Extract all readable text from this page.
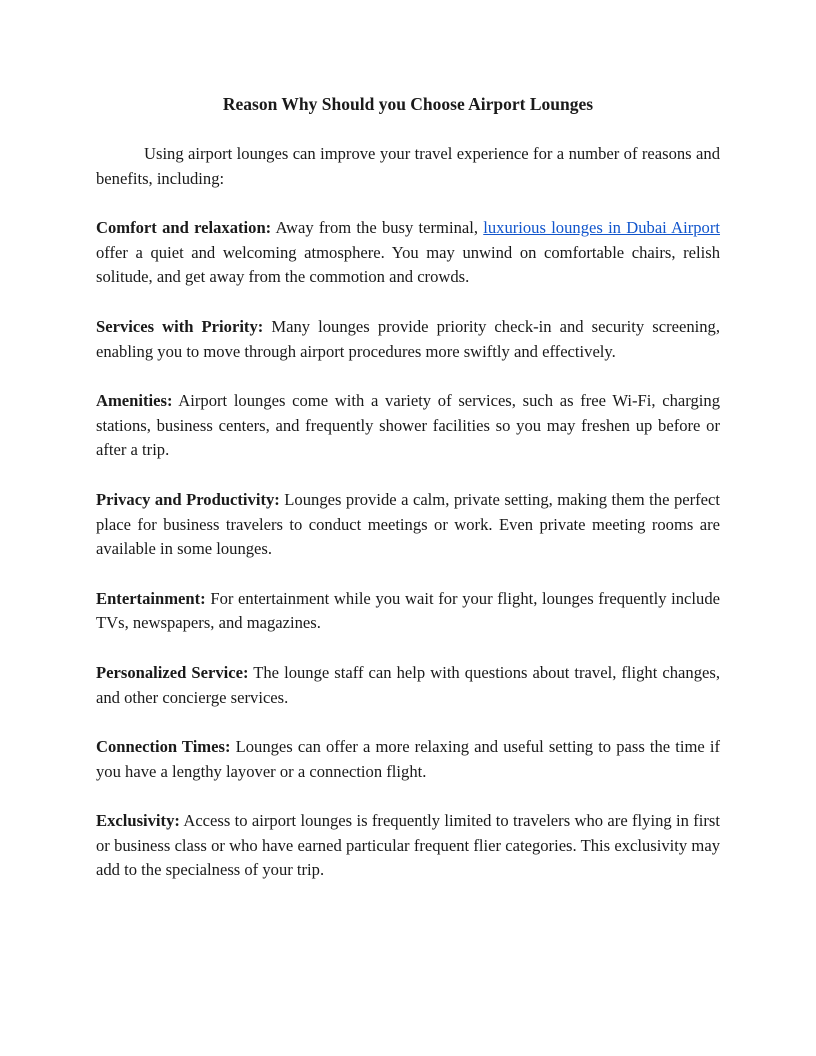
Reason Why Should you Choose Airport Lounges

Using airport lounges can improve your travel experience for a number of reasons and benefits, including:

Comfort and relaxation: Away from the busy terminal, luxurious lounges in Dubai Airport offer a quiet and welcoming atmosphere. You may unwind on comfortable chairs, relish solitude, and get away from the commotion and crowds.

Services with Priority: Many lounges provide priority check-in and security screening, enabling you to move through airport procedures more swiftly and effectively.

Amenities: Airport lounges come with a variety of services, such as free Wi-Fi, charging stations, business centers, and frequently shower facilities so you may freshen up before or after a trip.

Privacy and Productivity: Lounges provide a calm, private setting, making them the perfect place for business travelers to conduct meetings or work. Even private meeting rooms are available in some lounges.

Entertainment: For entertainment while you wait for your flight, lounges frequently include TVs, newspapers, and magazines.

Personalized Service: The lounge staff can help with questions about travel, flight changes, and other concierge services.

Connection Times: Lounges can offer a more relaxing and useful setting to pass the time if you have a lengthy layover or a connection flight.

Exclusivity: Access to airport lounges is frequently limited to travelers who are flying in first or business class or who have earned particular frequent flier categories. This exclusivity may add to the specialness of your trip.
